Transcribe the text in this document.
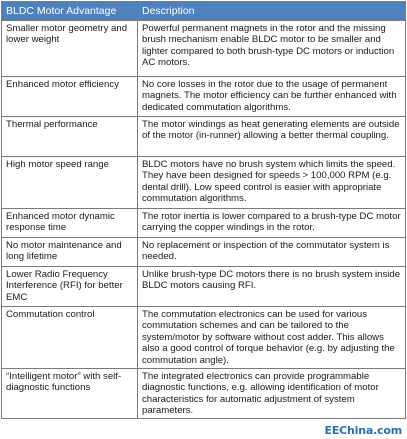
BLDC Motor Advantage	Description
Smaller motor geometry and lower weight	Powerful permanent magnets in the rotor and the missing brush mechanism enable BLDC motor to be smaller and lighter compared to both brush-type DC motors or induction AC motors.
Enhanced motor efficiency	No core losses in the rotor due to the usage of permanent magnets. The motor efficiency can be further enhanced with dedicated commutation algorithms.
Thermal performance	The motor windings as heat generating elements are outside of the motor (in-runner) allowing a better thermal coupling.
High motor speed range	BLDC motors have no brush system which limits the speed. They have been designed for speeds > 100,000 RPM (e.g. dental drill). Low speed control is easier with appropriate commutation algorithms.
Enhanced motor dynamic response time	The rotor inertia is lower compared to a brush-type DC motor carrying the copper windings in the rotor.
No motor maintenance and long lifetime	No replacement or inspection of the commutator system is needed.
Lower Radio Frequency Interference (RFI) for better EMC	Unlike brush-type DC motors there is no brush system inside BLDC motors causing RFI.
Commutation control	The commutation electronics can be used for various commutation schemes and can be tailored to the system/motor by software without cost adder. This allows also a good control of torque behavior (e.g. by adjusting the commutation angle).
“Intelligent motor” with self-diagnostic functions	The integrated electronics can provide programmable diagnostic functions, e.g. allowing identification of motor characteristics for automatic adjustment of system parameters.
EEChina.com
